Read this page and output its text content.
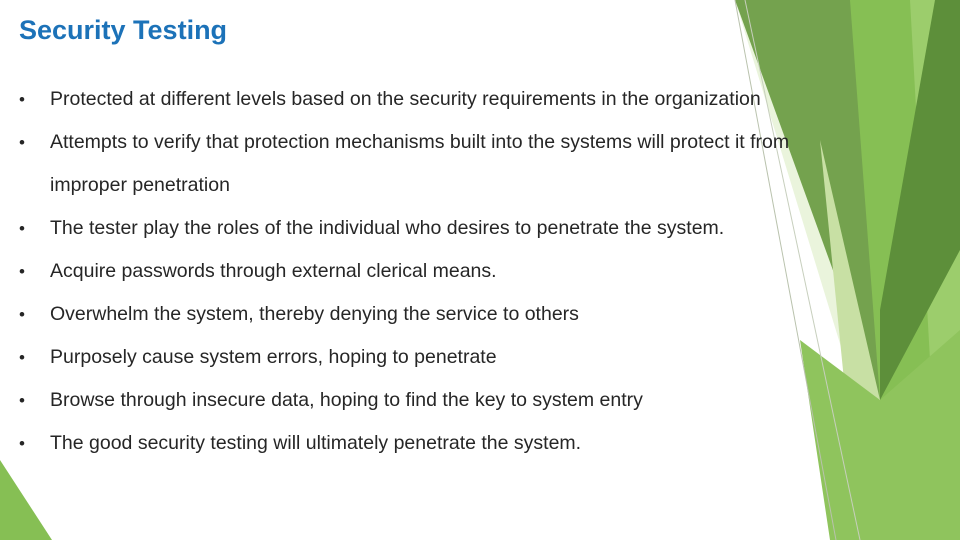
Security Testing
•	Protected at different levels based on the security requirements in the organization
•	Attempts to verify that protection mechanisms built into the systems will protect it from
improper penetration
•	The tester play the roles of the individual who desires to penetrate the system.
•	Acquire passwords through external clerical means.
•	Overwhelm the system, thereby denying the service to others
•	Purposely cause system errors, hoping to penetrate
•	Browse through insecure data, hoping to find the key to system entry
•	The good security testing will ultimately penetrate the system.
